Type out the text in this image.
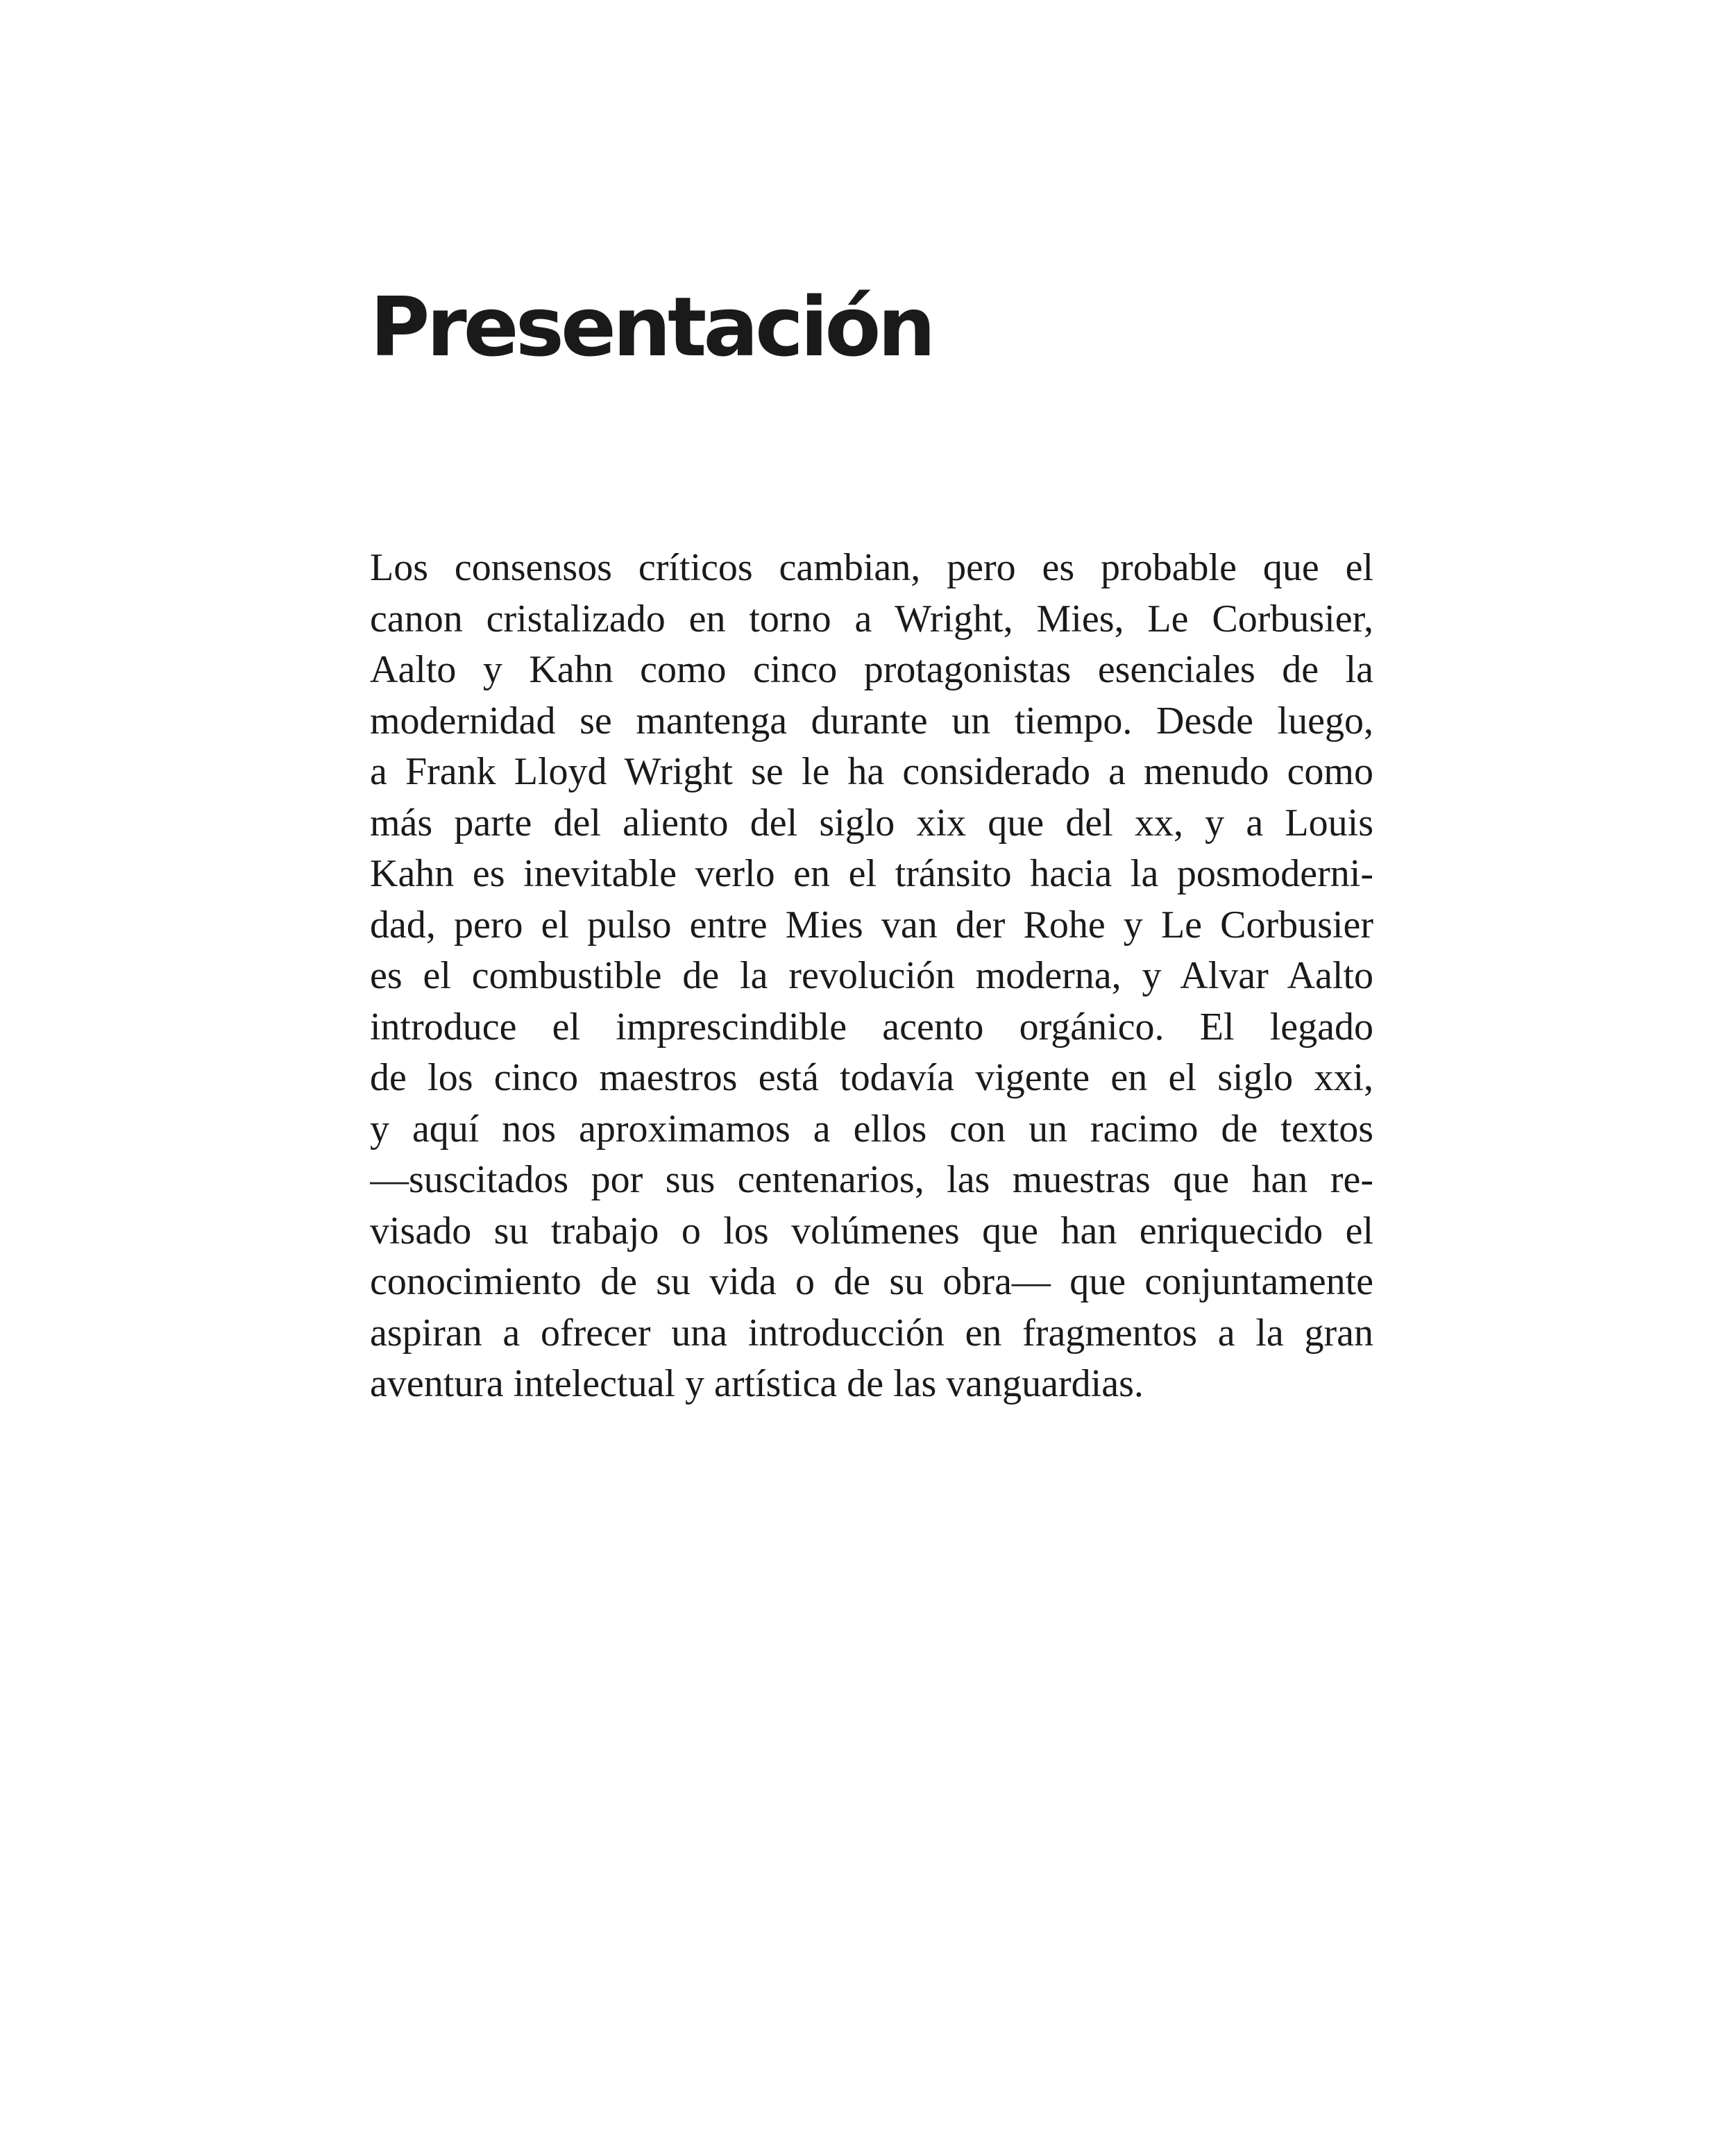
Presentación
Los consensos críticos cambian, pero es probable que el
canon cristalizado en torno a Wright, Mies, Le Corbusier,
Aalto y Kahn como cinco protagonistas esenciales de la
modernidad se mantenga durante un tiempo. Desde luego,
a Frank Lloyd Wright se le ha considerado a menudo como
más parte del aliento del siglo xix que del xx, y a Louis
Kahn es inevitable verlo en el tránsito hacia la posmoderni-
dad, pero el pulso entre Mies van der Rohe y Le Corbusier
es el combustible de la revolución moderna, y Alvar Aalto
introduce el imprescindible acento orgánico. El legado
de los cinco maestros está todavía vigente en el siglo xxi,
y aquí nos aproximamos a ellos con un racimo de textos
—suscitados por sus centenarios, las muestras que han re-
visado su trabajo o los volúmenes que han enriquecido el
conocimiento de su vida o de su obra— que conjuntamente
aspiran a ofrecer una introducción en fragmentos a la gran
aventura intelectual y artística de las vanguardias.
